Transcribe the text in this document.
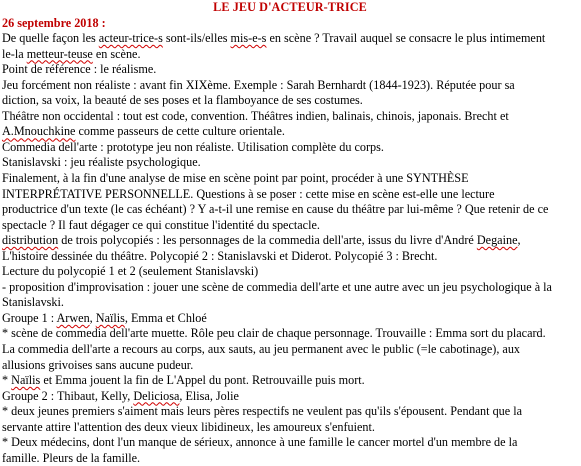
LE JEU D'ACTEUR-TRICE
26 septembre 2018 :
De quelle façon les acteur-trice-s sont-ils/elles mis-e-s en scène ? Travail auquel se consacre le plus intimement
le-la metteur-teuse en scène.
Point de référence : le réalisme.
Jeu forcément non réaliste : avant fin XIXème. Exemple : Sarah Bernhardt (1844-1923). Réputée pour sa
diction, sa voix, la beauté de ses poses et la flamboyance de ses costumes.
Théâtre non occidental : tout est code, convention. Théâtres indien, balinais, chinois, japonais. Brecht et
A.Mnouchkine comme passeurs de cette culture orientale.
Commedia dell'arte : prototype jeu non réaliste. Utilisation complète du corps.
Stanislavski : jeu réaliste psychologique.
Finalement, à la fin d'une analyse de mise en scène point par point, procéder à une SYNTHÈSE
INTERPRÉTATIVE PERSONNELLE. Questions à se poser : cette mise en scène est-elle une lecture
productrice d'un texte (le cas échéant) ? Y a-t-il une remise en cause du théâtre par lui-même ? Que retenir de ce
spectacle ? Il faut dégager ce qui constitue l'identité du spectacle.
distribution de trois polycopiés : les personnages de la commedia dell'arte, issus du livre d'André Degaine,
L'histoire dessinée du théâtre. Polycopié 2 : Stanislavski et Diderot. Polycopié 3 : Brecht.
Lecture du polycopié 1 et 2 (seulement Stanislavski)
- proposition d'improvisation : jouer une scène de commedia dell'arte et une autre avec un jeu psychologique à la
Stanislavski.
Groupe 1 : Arwen, Naïlis, Emma et Chloé
* scène de commedia dell'arte muette. Rôle peu clair de chaque personnage. Trouvaille : Emma sort du placard.
La commedia dell'arte a recours au corps, aux sauts, au jeu permanent avec le public (=le cabotinage), aux
allusions grivoises sans aucune pudeur.
* Naïlis et Emma jouent la fin de L'Appel du pont. Retrouvaille puis mort.
Groupe 2 : Thibaut, Kelly, Deliciosa, Elisa, Jolie
* deux jeunes premiers s'aiment mais leurs pères respectifs ne veulent pas qu'ils s'épousent. Pendant que la
servante attire l'attention des deux vieux libidineux, les amoureux s'enfuient.
* Deux médecins, dont l'un manque de sérieux, annonce à une famille le cancer mortel d'un membre de la
famille. Pleurs de la famille.
